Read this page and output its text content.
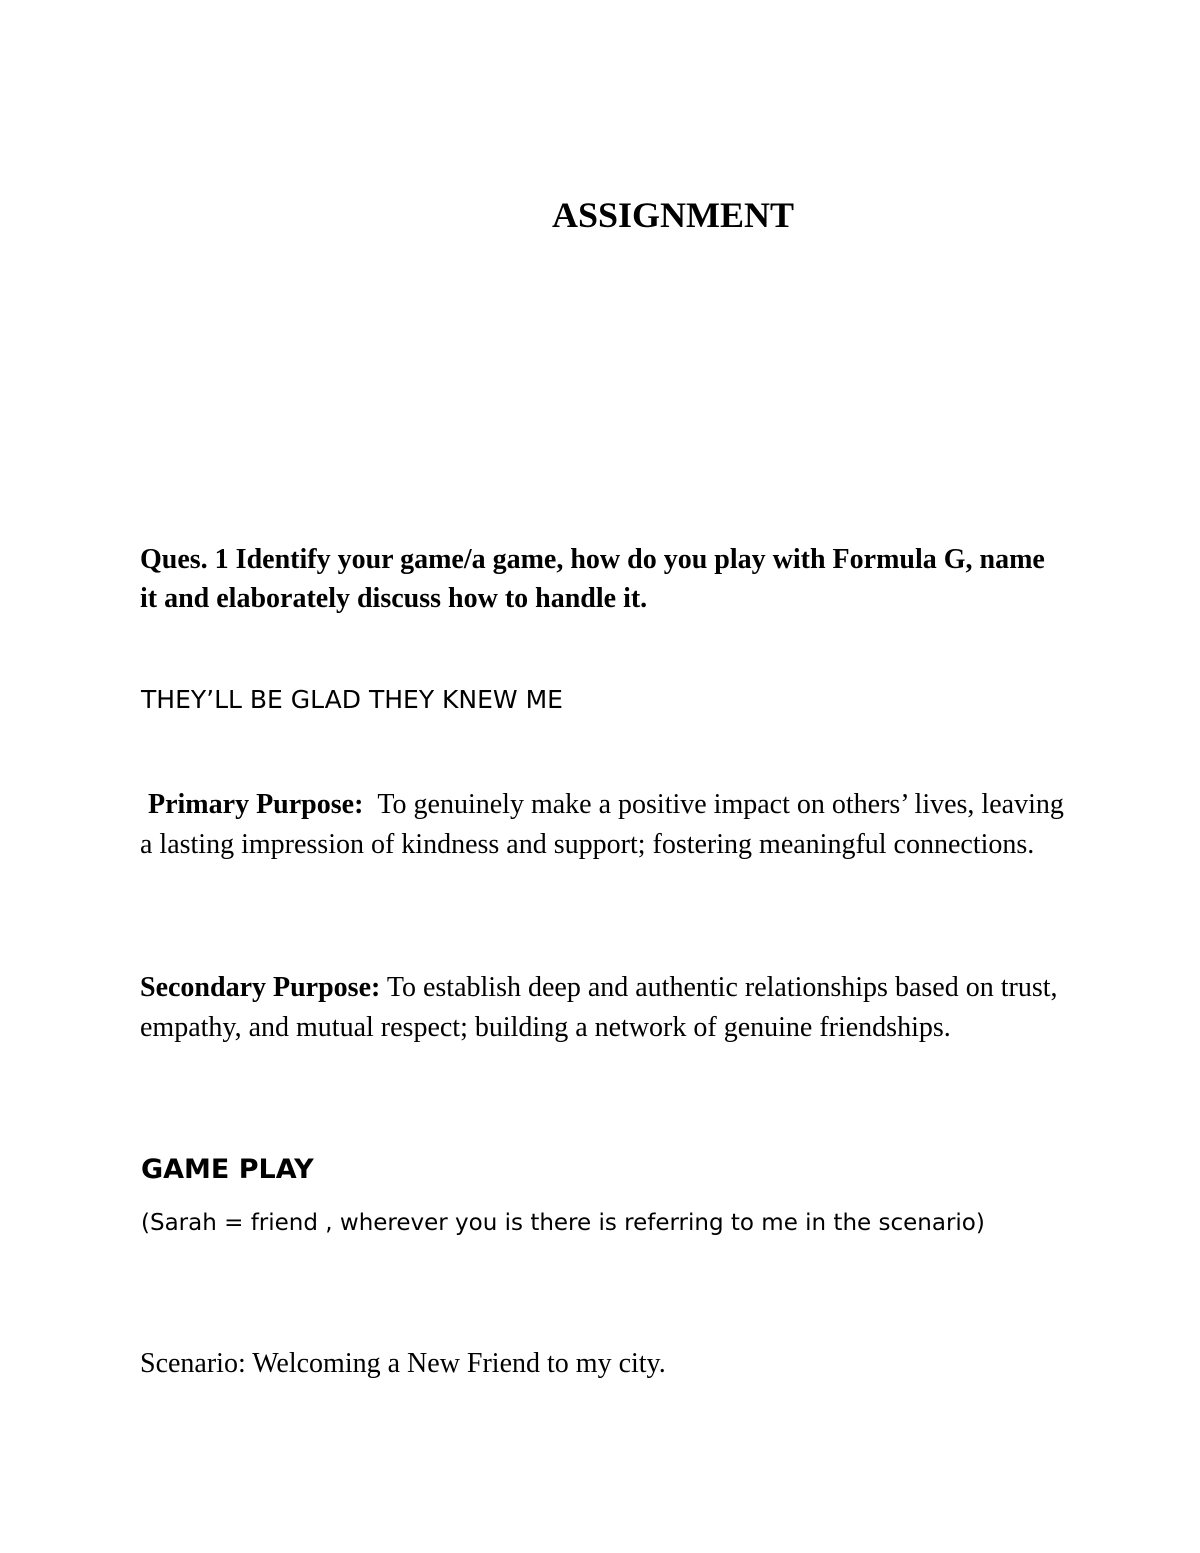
ASSIGNMENT
Ques. 1 Identify your game/a game, how do you play with Formula G, name it and elaborately discuss how to handle it.
THEY’LL BE GLAD THEY KNEW ME
Primary Purpose: To genuinely make a positive impact on others’ lives, leaving a lasting impression of kindness and support; fostering meaningful connections.
Secondary Purpose: To establish deep and authentic relationships based on trust, empathy, and mutual respect; building a network of genuine friendships.
GAME PLAY
(Sarah = friend , wherever you is there is referring to me in the scenario)
Scenario: Welcoming a New Friend to my city.
